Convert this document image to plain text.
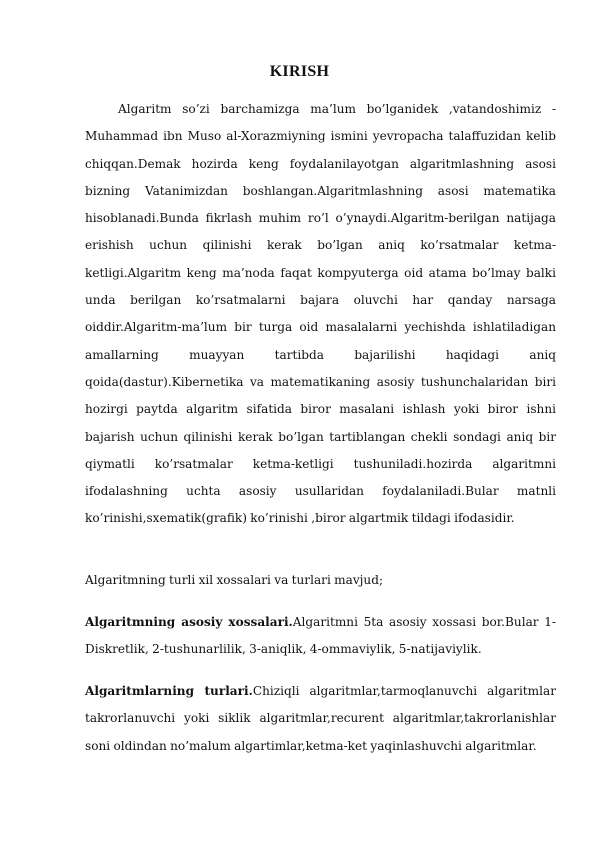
KIRISH
Algaritm so’zi barchamizga ma’lum bo’lganidek ,vatandoshimiz - Muhammad ibn Muso al-Xorazmiyning ismini yevropacha talaffuzidan kelib chiqqan.Demak hozirda keng foydalanilayotgan algaritmlashning asosi bizning Vatanimizdan boshlangan.Algaritmlashning asosi matematika hisoblanadi.Bunda fikrlash muhim ro’l o’ynaydi.Algaritm-berilgan natijaga erishish uchun qilinishi kerak bo’lgan aniq ko’rsatmalar ketma-ketligi.Algaritm keng ma’noda faqat kompyuterga oid atama bo’lmay balki unda berilgan ko’rsatmalarni bajara oluvchi har qanday narsaga oiddir.Algaritm-ma’lum bir turga oid masalalarni yechishda ishlatiladigan amallarning muayyan tartibda bajarilishi haqidagi aniq qoida(dastur).Kibernetika va matematikaning asosiy tushunchalaridan biri hozirgi paytda algaritm sifatida biror masalani ishlash yoki biror ishni bajarish uchun qilinishi kerak bo’lgan tartiblangan chekli sondagi aniq bir qiymatli ko’rsatmalar ketma-ketligi tushuniladi.hozirda algaritmni ifodalashning uchta asosiy usullaridan foydalaniladi.Bular matnli ko’rinishi,sxematik(grafik) ko’rinishi ,biror algartmik tildagi ifodasidir.
Algaritmning turli xil xossalari va turlari mavjud;
Algaritmning asosiy xossalari.Algaritmni 5ta asosiy xossasi bor.Bular 1-Diskretlik, 2-tushunarlilik, 3-aniqlik, 4-ommaviylik, 5-natijaviylik.
Algaritmlarning turlari.Chiziqli algaritmlar,tarmoqlanuvchi algaritmlar takrorlanuvchi yoki siklik algaritmlar,recurent algaritmlar,takrorlanishlar soni oldindan no’malum algartimlar,ketma-ket yaqinlashuvchi algaritmlar.
